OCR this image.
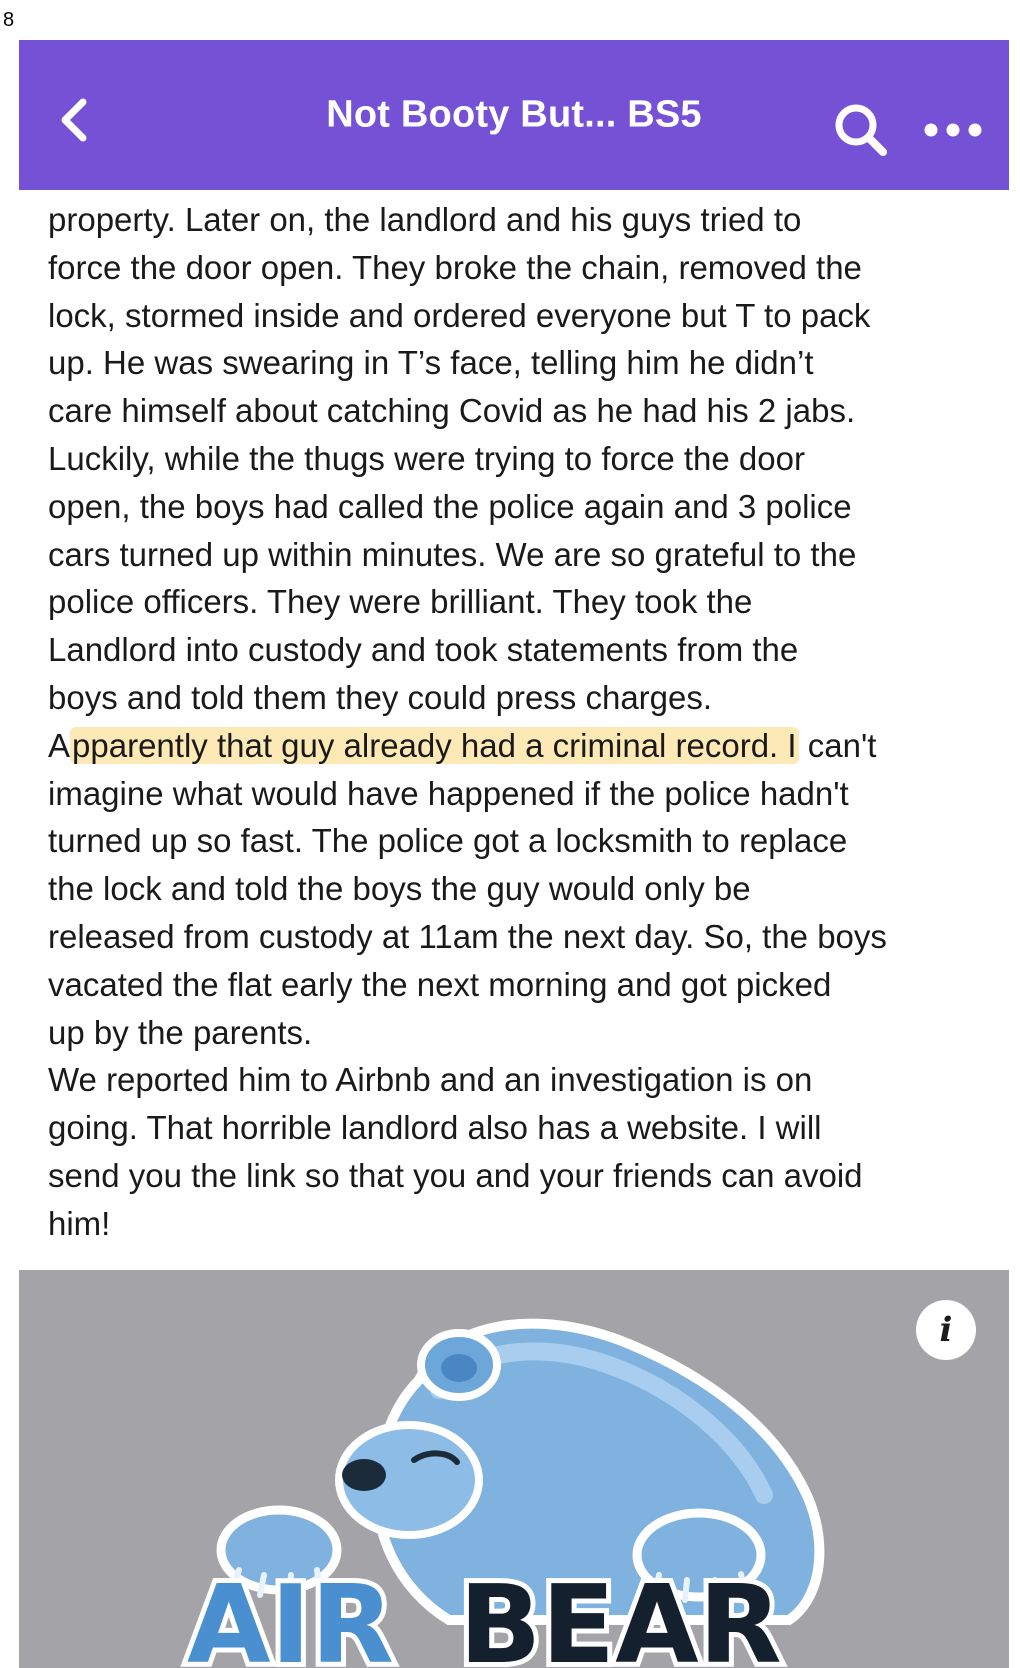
8
Not Booty But... BS5

property. Later on, the landlord and his guys tried to

force the door open. They broke the chain, removed the

lock, stormed inside and ordered everyone but T to pack

up. He was swearing in T’s face, telling him he didn’t

care himself about catching Covid as he had his 2 jabs.

Luckily, while the thugs were trying to force the door

open, the boys had called the police again and 3 police

cars turned up within minutes. We are so grateful to the

police officers. They were brilliant. They took the

Landlord into custody and took statements from the

boys and told them they could press charges.

Apparently that guy already had a criminal record. I can't

imagine what would have happened if the police hadn't

turned up so fast. The police got a locksmith to replace

the lock and told the boys the guy would only be

released from custody at 11am the next day. So, the boys

vacated the flat early the next morning and got picked

up by the parents.

We reported him to Airbnb and an investigation is on

going. That horrible landlord also has a website. I will

send you the link so that you and your friends can avoid

him!

AIR BEAR
i
